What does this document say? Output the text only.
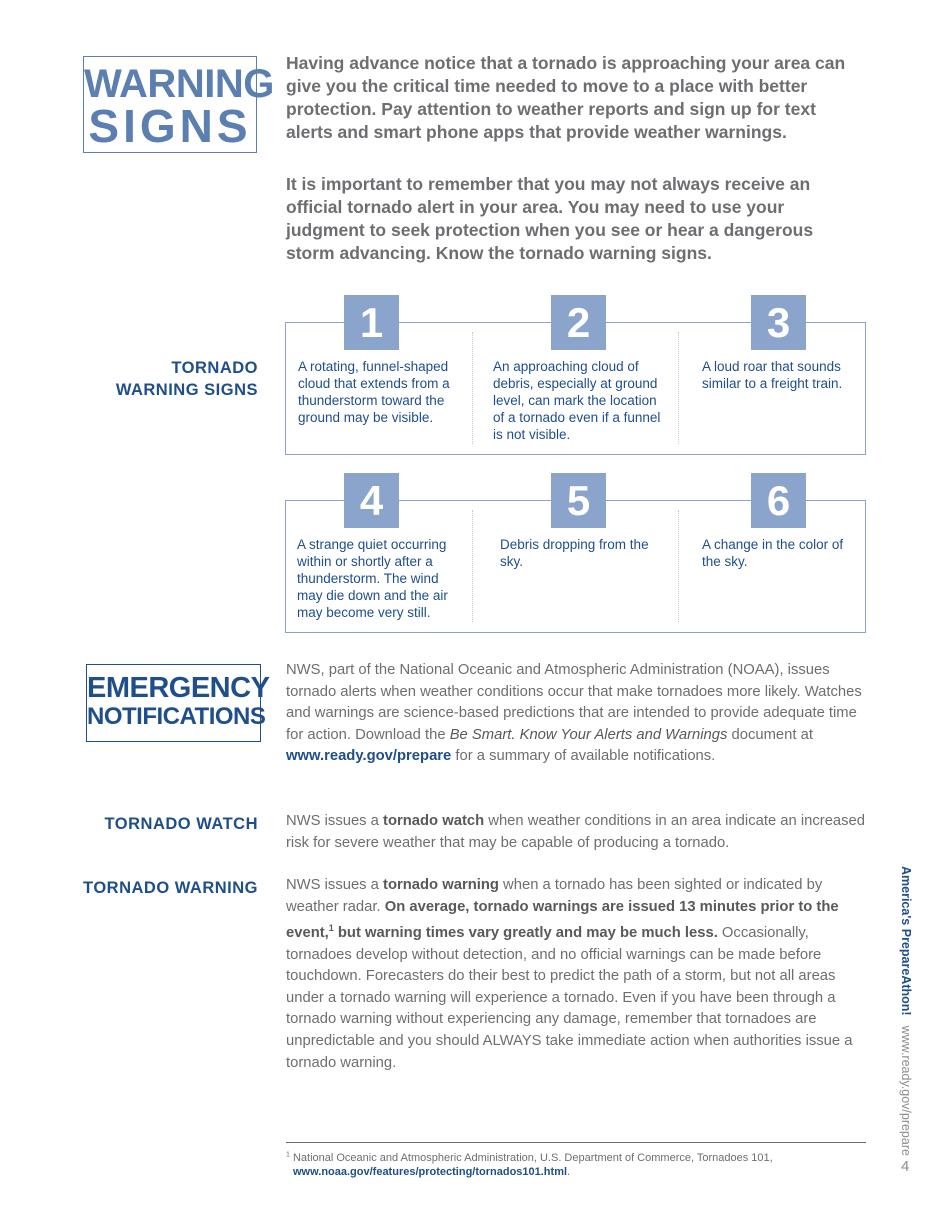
WARNING
SIGNS

Having advance notice that a tornado is approaching your area can give you the critical time needed to move to a place with better protection. Pay attention to weather reports and sign up for text alerts and smart phone apps that provide weather warnings.

It is important to remember that you may not always receive an official tornado alert in your area. You may need to use your judgment to seek protection when you see or hear a dangerous storm advancing. Know the tornado warning signs.

TORNADO
WARNING SIGNS
1
A rotating, funnel-shaped cloud that extends from a thunderstorm toward the ground may be visible.
2
An approaching cloud of debris, especially at ground level, can mark the location of a tornado even if a funnel is not visible.
3
A loud roar that sounds similar to a freight train.
4
A strange quiet occurring within or shortly after a thunderstorm. The wind may die down and the air may become very still.
5
Debris dropping from the sky.
6
A change in the color of the sky.
EMERGENCY
NOTIFICATIONS

NWS, part of the National Oceanic and Atmospheric Administration (NOAA), issues tornado alerts when weather conditions occur that make tornadoes more likely. Watches and warnings are science-based predictions that are intended to provide adequate time for action. Download the Be Smart. Know Your Alerts and Warnings document at www.ready.gov/prepare for a summary of available notifications.

TORNADO WATCH NWS issues a tornado watch when weather conditions in an area indicate an increased risk for severe weather that may be capable of producing a tornado.

TORNADO WARNING NWS issues a tornado warning when a tornado has been sighted or indicated by weather radar. On average, tornado warnings are issued 13 minutes prior to the event,$^1$ but warning times vary greatly and may be much less. Occasionally, tornadoes develop without detection, and no official warnings can be made before touchdown. Forecasters do their best to predict the path of a storm, but not all areas under a tornado warning will experience a tornado. Even if you have been through a tornado warning without experiencing any damage, remember that tornadoes are unpredictable and you should ALWAYS take immediate action when authorities issue a tornado warning.

$^1$ National Oceanic and Atmospheric Administration, U.S. Department of Commerce, Tornadoes 101,
www.noaa.gov/features/protecting/tornados101.html.
America's PrepareAthon!www.ready.gov/prepare
4
